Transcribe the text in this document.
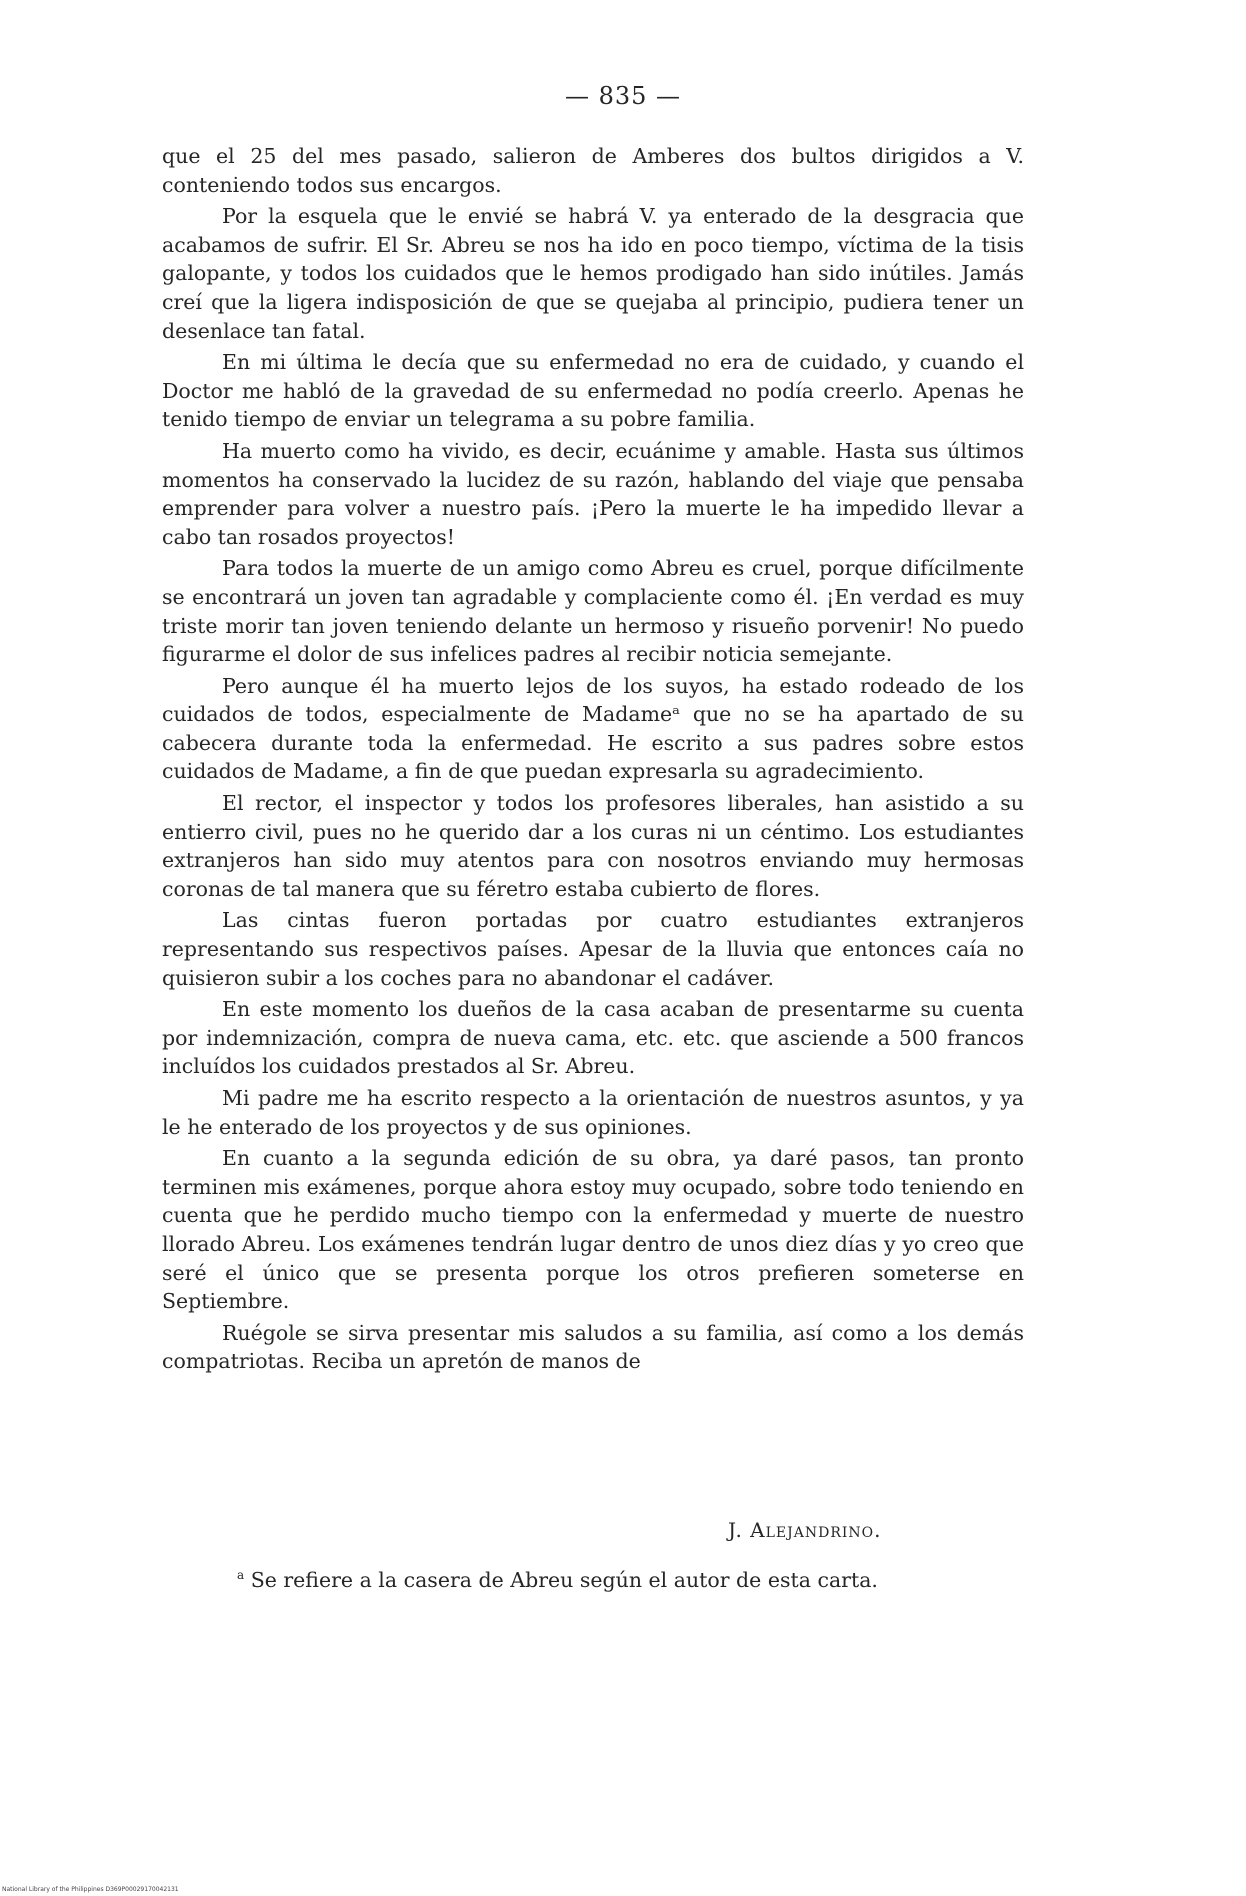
— 835 —

que el 25 del mes pasado, salieron de Amberes dos bultos dirigidos a V. conteniendo todos sus encargos.

Por la esquela que le envié se habrá V. ya enterado de la desgracia que acabamos de sufrir. El Sr. Abreu se nos ha ido en poco tiempo, víctima de la tisis galopante, y todos los cuidados que le hemos prodigado han sido inútiles. Jamás creí que la ligera indisposición de que se quejaba al principio, pudiera tener un desenlace tan fatal.

En mi última le decía que su enfermedad no era de cuidado, y cuando el Doctor me habló de la gravedad de su enfermedad no podía creerlo. Apenas he tenido tiempo de enviar un telegrama a su pobre familia.

Ha muerto como ha vivido, es decir, ecuánime y amable. Hasta sus últimos momentos ha conservado la lucidez de su razón, hablando del viaje que pensaba emprender para volver a nuestro país. ¡Pero la muerte le ha impedido llevar a cabo tan rosados proyectos!

Para todos la muerte de un amigo como Abreu es cruel, porque difícilmente se encontrará un joven tan agradable y complaciente como él. ¡En verdad es muy triste morir tan joven teniendo delante un hermoso y risueño porvenir! No puedo figurarme el dolor de sus infelices padres al recibir noticia semejante.

Pero aunque él ha muerto lejos de los suyos, ha estado rodeado de los cuidados de todos, especialmente de Madameᵃ que no se ha apartado de su cabecera durante toda la enfermedad. He escrito a sus padres sobre estos cuidados de Madame, a fin de que puedan expresarla su agradecimiento.

El rector, el inspector y todos los profesores liberales, han asistido a su entierro civil, pues no he querido dar a los curas ni un céntimo. Los estudiantes extranjeros han sido muy atentos para con nosotros enviando muy hermosas coronas de tal manera que su féretro estaba cubierto de flores.

Las cintas fueron portadas por cuatro estudiantes extranjeros representando sus respectivos países. Apesar de la lluvia que entonces caía no quisieron subir a los coches para no abandonar el cadáver.

En este momento los dueños de la casa acaban de presentarme su cuenta por indemnización, compra de nueva cama, etc. etc. que asciende a 500 francos incluídos los cuidados prestados al Sr. Abreu.

Mi padre me ha escrito respecto a la orientación de nuestros asuntos, y ya le he enterado de los proyectos y de sus opiniones.

En cuanto a la segunda edición de su obra, ya daré pasos, tan pronto terminen mis exámenes, porque ahora estoy muy ocupado, sobre todo teniendo en cuenta que he perdido mucho tiempo con la enfermedad y muerte de nuestro llorado Abreu. Los exámenes tendrán lugar dentro de unos diez días y yo creo que seré el único que se presenta porque los otros prefieren someterse en Septiembre.

Ruégole se sirva presentar mis saludos a su familia, así como a los demás compatriotas. Reciba un apretón de manos de

J. Alejandrino.
$^a$ Se refiere a la casera de Abreu según el autor de esta carta.
National Library of the Philippines D369P00029170042131
